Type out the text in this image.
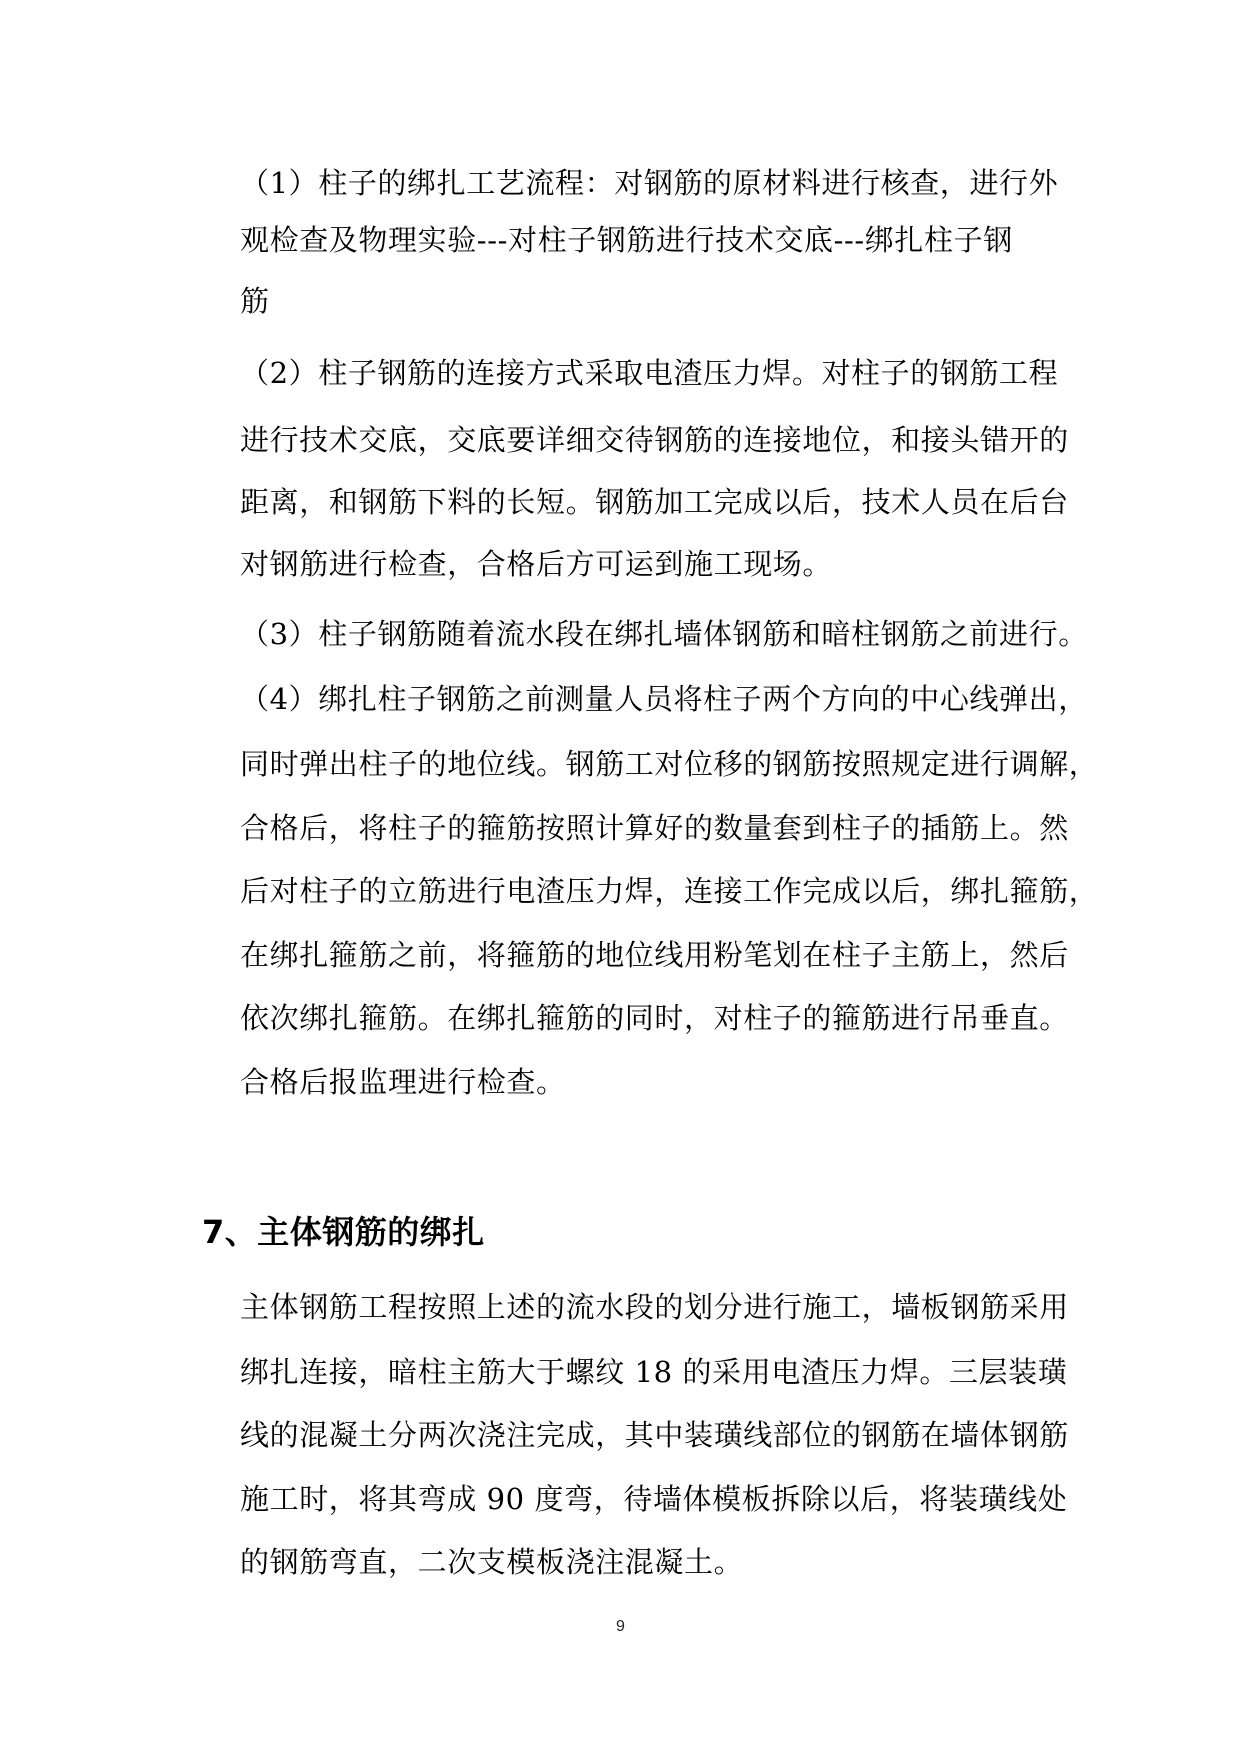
（1）柱子的绑扎工艺流程：对钢筋的原材料进行核查，进行外
观检查及物理实验---对柱子钢筋进行技术交底---绑扎柱子钢
筋
（2）柱子钢筋的连接方式采取电渣压力焊。对柱子的钢筋工程
进行技术交底，交底要详细交待钢筋的连接地位，和接头错开的
距离，和钢筋下料的长短。钢筋加工完成以后，技术人员在后台
对钢筋进行检查，合格后方可运到施工现场。
（3）柱子钢筋随着流水段在绑扎墙体钢筋和暗柱钢筋之前进行。
（4）绑扎柱子钢筋之前测量人员将柱子两个方向的中心线弹出，
同时弹出柱子的地位线。钢筋工对位移的钢筋按照规定进行调解，
合格后，将柱子的箍筋按照计算好的数量套到柱子的插筋上。然
后对柱子的立筋进行电渣压力焊，连接工作完成以后，绑扎箍筋，
在绑扎箍筋之前，将箍筋的地位线用粉笔划在柱子主筋上，然后
依次绑扎箍筋。在绑扎箍筋的同时，对柱子的箍筋进行吊垂直。
合格后报监理进行检查。
7、主体钢筋的绑扎
主体钢筋工程按照上述的流水段的划分进行施工，墙板钢筋采用
绑扎连接，暗柱主筋大于螺纹 18 的采用电渣压力焊。三层装璜
线的混凝土分两次浇注完成，其中装璜线部位的钢筋在墙体钢筋
施工时，将其弯成 90 度弯，待墙体模板拆除以后，将装璜线处
的钢筋弯直，二次支模板浇注混凝土。
9
